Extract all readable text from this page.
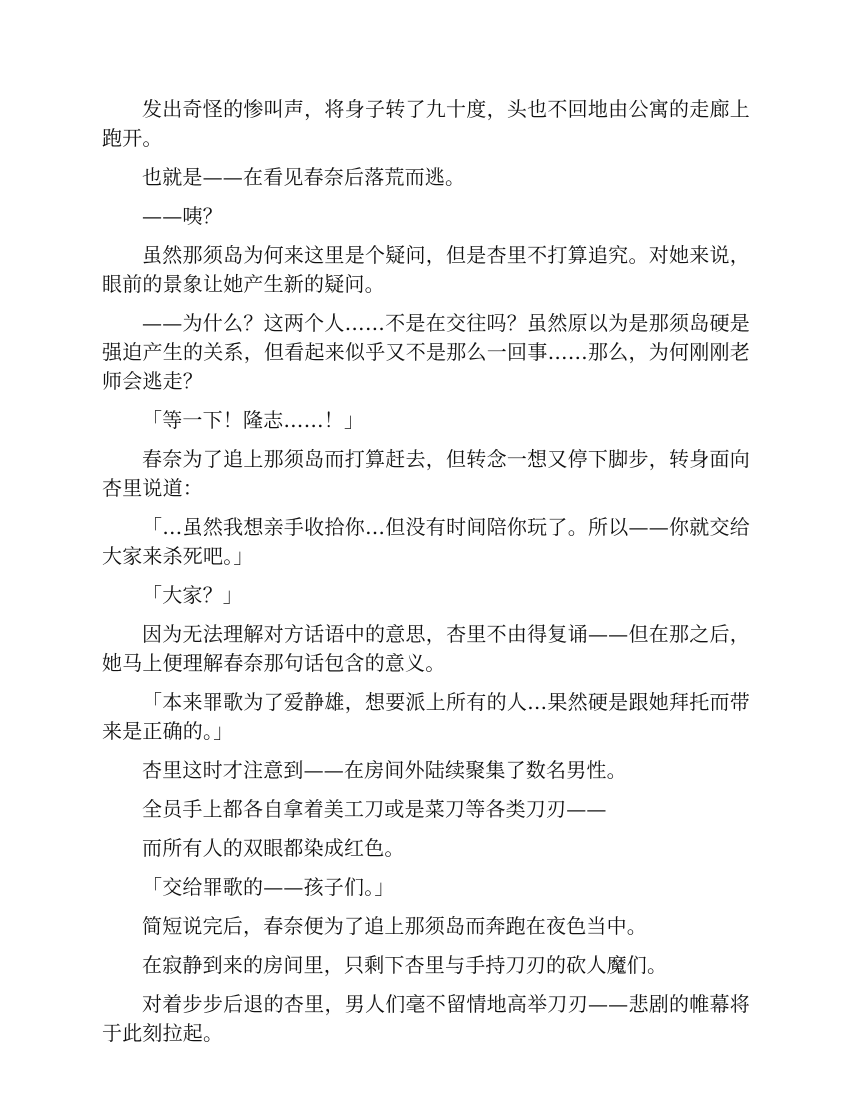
发出奇怪的惨叫声，将身子转了九十度，头也不回地由公寓的走廊上跑开。

也就是——在看见春奈后落荒而逃。

——咦？

虽然那须岛为何来这里是个疑问，但是杏里不打算追究。对她来说，眼前的景象让她产生新的疑问。

——为什么？这两个人……不是在交往吗？虽然原以为是那须岛硬是强迫产生的关系，但看起来似乎又不是那么一回事……那么，为何刚刚老师会逃走？

「等一下！隆志……！」

春奈为了追上那须岛而打算赶去，但转念一想又停下脚步，转身面向杏里说道：

「…虽然我想亲手收拾你…但没有时间陪你玩了。所以——你就交给大家来杀死吧。」

「大家？」

因为无法理解对方话语中的意思，杏里不由得复诵——但在那之后，她马上便理解春奈那句话包含的意义。

「本来罪歌为了爱静雄，想要派上所有的人…果然硬是跟她拜托而带来是正确的。」

杏里这时才注意到——在房间外陆续聚集了数名男性。

全员手上都各自拿着美工刀或是菜刀等各类刀刃——

而所有人的双眼都染成红色。

「交给罪歌的——孩子们。」

简短说完后，春奈便为了追上那须岛而奔跑在夜色当中。

在寂静到来的房间里，只剩下杏里与手持刀刃的砍人魔们。

对着步步后退的杏里，男人们毫不留情地高举刀刃——悲剧的帷幕将于此刻拉起。
